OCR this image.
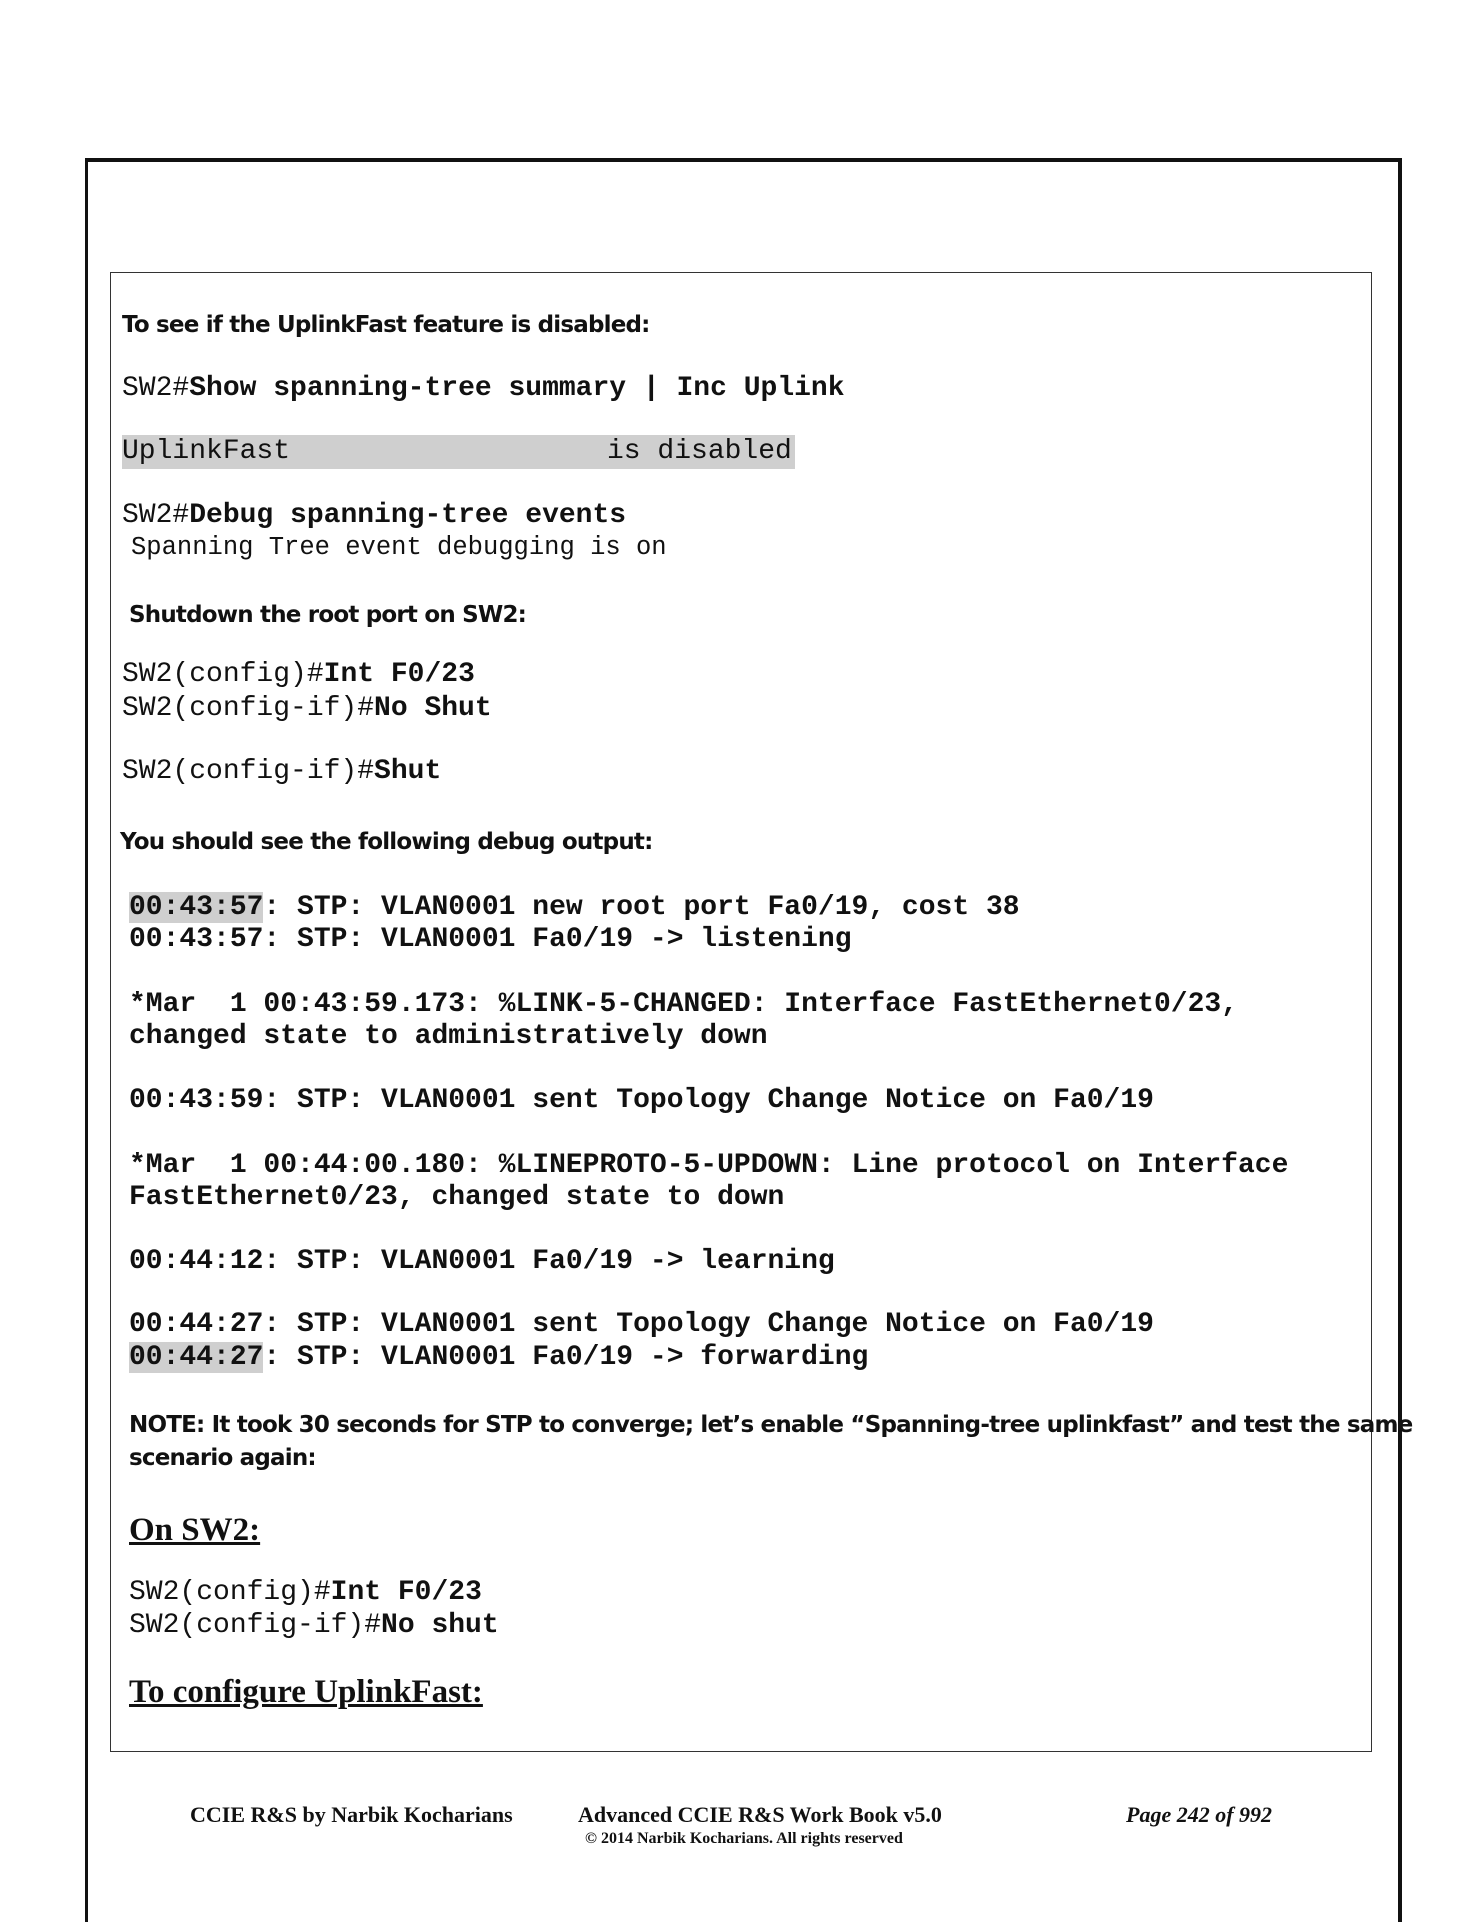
To see if the UplinkFast feature is disabled:
SW2#Show spanning-tree summary | Inc Uplink
UplinkFast	is disabled
SW2#Debug spanning-tree events
Spanning Tree event debugging is on
Shutdown the root port on SW2:
SW2(config)#Int F0/23
SW2(config-if)#No Shut
SW2(config-if)#Shut
You should see the following debug output:
00:43:57: STP: VLAN0001 new root port Fa0/19, cost 38
00:43:57: STP: VLAN0001 Fa0/19 -> listening
*Mar  1 00:43:59.173: %LINK-5-CHANGED: Interface FastEthernet0/23,
changed state to administratively down
00:43:59: STP: VLAN0001 sent Topology Change Notice on Fa0/19
*Mar  1 00:44:00.180: %LINEPROTO-5-UPDOWN: Line protocol on Interface
FastEthernet0/23, changed state to down
00:44:12: STP: VLAN0001 Fa0/19 -> learning
00:44:27: STP: VLAN0001 sent Topology Change Notice on Fa0/19
00:44:27: STP: VLAN0001 Fa0/19 -> forwarding
NOTE: It took 30 seconds for STP to converge; let’s enable “Spanning-tree uplinkfast” and test the same
scenario again:
On SW2:
SW2(config)#Int F0/23
SW2(config-if)#No shut
To configure UplinkFast:
CCIE R&S by Narbik Kocharians	Advanced CCIE R&S Work Book v5.0
© 2014 Narbik Kocharians. All rights reserved
Page 242 of 992
